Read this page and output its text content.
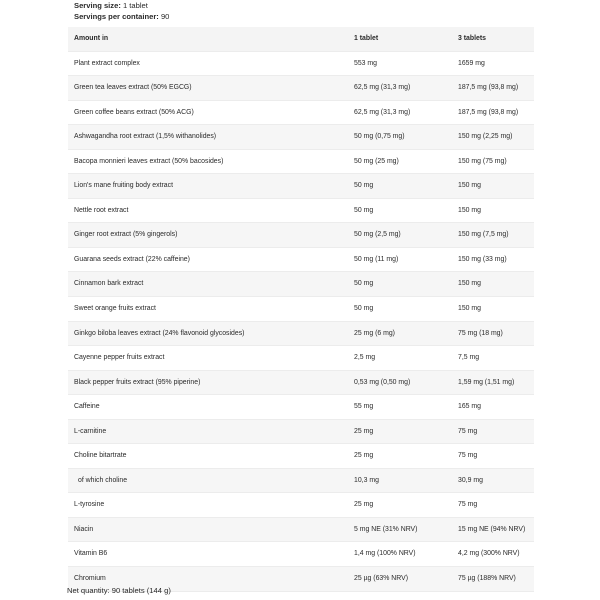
Serving size: 1 tablet
Servings per container: 90
Amount in	1 tablet	3 tablets
Plant extract complex	553 mg	1659 mg
Green tea leaves extract (50% EGCG)	62,5 mg (31,3 mg)	187,5 mg (93,8 mg)
Green coffee beans extract (50% ACG)	62,5 mg (31,3 mg)	187,5 mg (93,8 mg)
Ashwagandha root extract (1,5% withanolides)	50 mg (0,75 mg)	150 mg (2,25 mg)
Bacopa monnieri leaves extract (50% bacosides)	50 mg (25 mg)	150 mg (75 mg)
Lion's mane fruiting body extract	50 mg	150 mg
Nettle root extract	50 mg	150 mg
Ginger root extract (5% gingerols)	50 mg (2,5 mg)	150 mg (7,5 mg)
Guarana seeds extract (22% caffeine)	50 mg (11 mg)	150 mg (33 mg)
Cinnamon bark extract	50 mg	150 mg
Sweet orange fruits extract	50 mg	150 mg
Ginkgo biloba leaves extract (24% flavonoid glycosides)	25 mg (6 mg)	75 mg (18 mg)
Cayenne pepper fruits extract	2,5 mg	7,5 mg
Black pepper fruits extract (95% piperine)	0,53 mg (0,50 mg)	1,59 mg (1,51 mg)
Caffeine	55 mg	165 mg
L-carnitine	25 mg	75 mg
Choline bitartrate	25 mg	75 mg
of which choline	10,3 mg	30,9 mg
L-tyrosine	25 mg	75 mg
Niacin	5 mg NE (31% NRV)	15 mg NE (94% NRV)
Vitamin B6	1,4 mg (100% NRV)	4,2 mg (300% NRV)
Chromium	25 µg (63% NRV)	75 µg (188% NRV)
Net quantity: 90 tablets (144 g)
